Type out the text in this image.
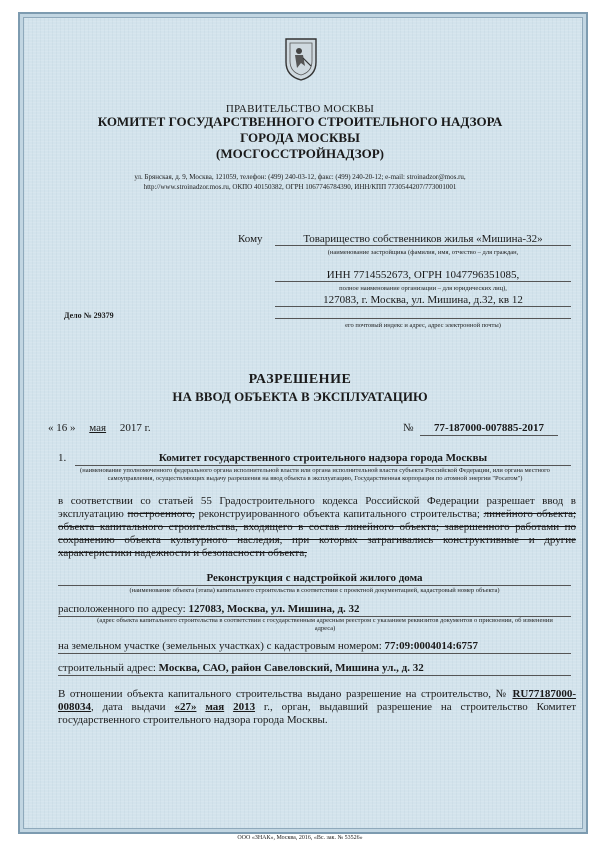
ПРАВИТЕЛЬСТВО МОСКВЫ
КОМИТЕТ ГОСУДАРСТВЕННОГО СТРОИТЕЛЬНОГО НАДЗОРА
ГОРОДА МОСКВЫ
(МОСГОССТРОЙНАДЗОР)
ул. Брянская, д. 9, Москва, 121059, телефон: (499) 240-03-12, факс: (499) 240-20-12; e-mail: stroinadzor@mos.ru,
http://www.stroinadzor.mos.ru, ОКПО 40150382, ОГРН 1067746784390, ИНН/КПП 7730544207/773001001
Кому	Товарищество собственников жилья «Мишина-32»
(наименование застройщика (фамилия, имя, отчество – для граждан,
ИНН 7714552673, ОГРН 1047796351085,
полное наименование организации – для юридических лиц),
127083, г. Москва, ул. Мишина, д.32, кв 12
его почтовый индекс и адрес, адрес электронной почты)
Дело № 29379
РАЗРЕШЕНИЕ
НА ВВОД ОБЪЕКТА В ЭКСПЛУАТАЦИЮ
« 16 » мая 2017 г.	№	77-187000-007885-2017
1.	Комитет государственного строительного надзора города Москвы
(наименование уполномоченного федерального органа исполнительной власти или органа исполнительной власти субъекта Российской Федерации, или органа местного самоуправления, осуществляющих выдачу разрешения на ввод объекта в эксплуатацию, Государственная корпорация по атомной энергии "Росатом")
в соответствии со статьей 55 Градостроительного кодекса Российской Федерации разрешает ввод в эксплуатацию построенного, реконструированного объекта капитального строительства; линейного объекта; объекта капитального строительства, входящего в состав линейного объекта; завершенного работами по сохранению объекта культурного наследия, при которых затрагивались конструктивные и другие характеристики надежности и безопасности объекта,
Реконструкция с надстройкой жилого дома
(наименование объекта (этапа) капитального строительства в соответствии с проектной документацией, кадастровый номер объекта)
расположенного по адресу: 127083, Москва, ул. Мишина, д. 32
(адрес объекта капитального строительства в соответствии с государственным адресным реестром с указанием реквизитов документов о присвоении, об изменении адреса)
на земельном участке (земельных участках) с кадастровым номером: 77:09:0004014:6757
строительный адрес: Москва, САО, район Савеловский, Мишина ул., д. 32
В отношении объекта капитального строительства выдано разрешение на строительство, № RU77187000-008034, дата выдачи «27» мая 2013 г., орган, выдавший разрешение на строительство Комитет государственного строительного надзора города Москвы.
ООО «ЗНАК», Москва, 2016, «Вс. зак. № 53526»
